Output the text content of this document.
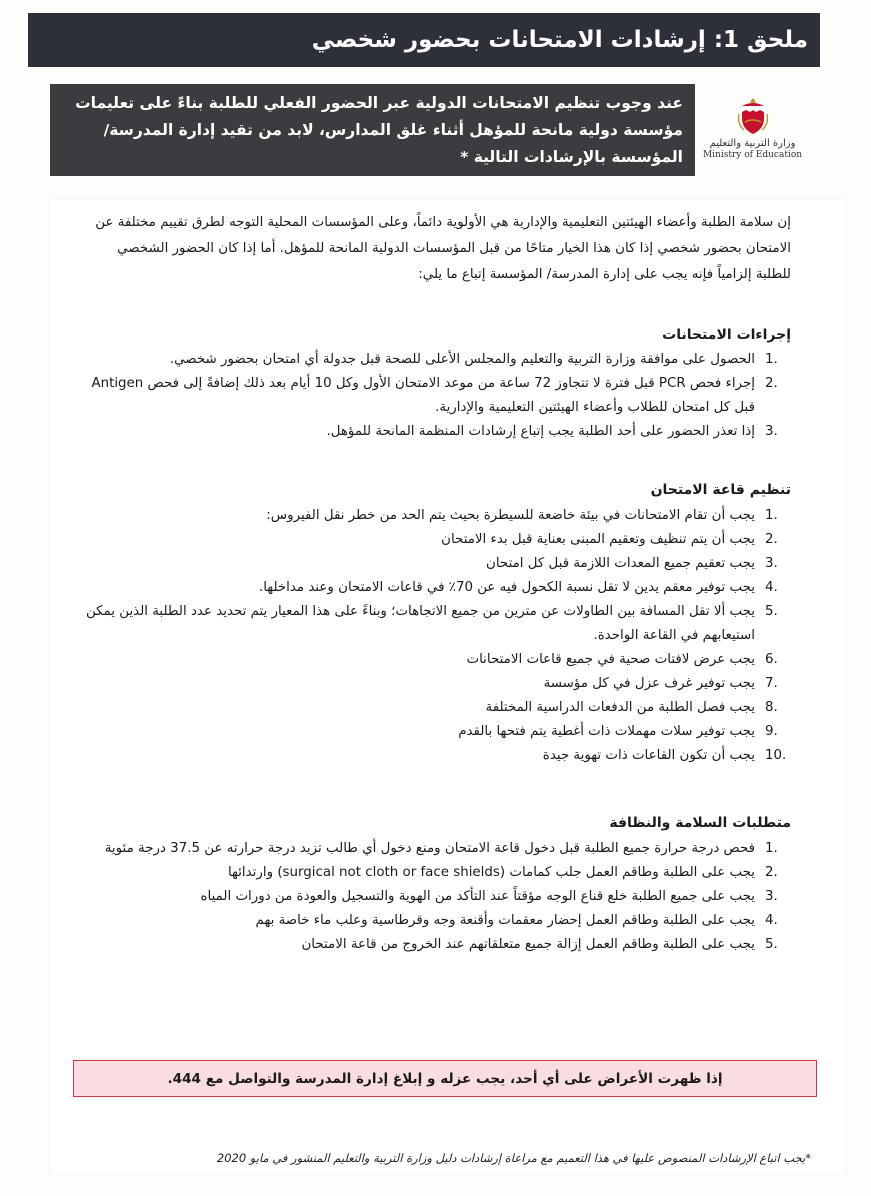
ملحق 1: إرشادات الامتحانات بحضور شخصي
عند وجوب تنظيم الامتحانات الدولية عبر الحضور الفعلي للطلبة بناءً على تعليمات مؤسسة دولية مانحة للمؤهل أثناء غلق المدارس، لابد من تقيد إدارة المدرسة/ المؤسسة بالإرشادات التالية *
وزارة التربية والتعليم
Ministry of Education
إن سلامة الطلبة وأعضاء الهيئتين التعليمية والإدارية هي الأولوية دائماً، وعلى المؤسسات المحلية التوجه لطرق تقييم مختلفة عن الامتحان بحضور شخصي إذا كان هذا الخيار متاحًا من قبل المؤسسات الدولية المانحة للمؤهل. أما إذا كان الحضور الشخصي للطلبة إلزامياً فإنه يجب على إدارة المدرسة/ المؤسسة إتباع ما يلي:
إجراءات الامتحانات
1.
الحصول على موافقة وزارة التربية والتعليم والمجلس الأعلى للصحة قبل جدولة أي امتحان بحضور شخصي.
2.
إجراء فحص PCR قبل فترة لا تتجاوز 72 ساعة من موعد الامتحان الأول وكل 10 أيام بعد ذلك إضافةً إلى فحص Antigen قبل كل امتحان للطلاب وأعضاء الهيئتين التعليمية والإدارية.
3.
إذا تعذر الحضور على أحد الطلبة يجب إتباع إرشادات المنظمة المانحة للمؤهل.
تنظيم قاعة الامتحان
1.
يجب أن تقام الامتحانات في بيئة خاضعة للسيطرة بحيث يتم الحد من خطر نقل الفيروس:
2.
يجب أن يتم تنظيف وتعقيم المبنى بعناية قبل بدء الامتحان
3.
يجب تعقيم جميع المعدات اللازمة قبل كل امتحان
4.
يجب توفير معقم يدين لا تقل نسبة الكحول فيه عن 70٪ في قاعات الامتحان وعند مداخلها.
5.
يجب ألا تقل المسافة بين الطاولات عن مترين من جميع الاتجاهات؛ وبناءً على هذا المعيار يتم تحديد عدد الطلبة الذين يمكن استيعابهم في القاعة الواحدة.
6.
يجب عرض لافتات صحية في جميع قاعات الامتحانات
7.
يجب توفير غرف عزل في كل مؤسسة
8.
يجب فصل الطلبة من الدفعات الدراسية المختلفة
9.
يجب توفير سلات مهملات ذات أغطية يتم فتحها بالقدم
10.
يجب أن تكون القاعات ذات تهوية جيدة
متطلبات السلامة والنظافة
1.
فحص درجة حرارة جميع الطلبة قبل دخول قاعة الامتحان ومنع دخول أي طالب تزيد درجة حرارته عن 37.5 درجة مئوية
2.
يجب على الطلبة وطاقم العمل جلب كمامات (surgical not cloth or face shields) وارتدائها
3.
يجب على جميع الطلبة خلع قناع الوجه مؤقتاً عند التأكد من الهوية والتسجيل والعودة من دورات المياه
4.
يجب على الطلبة وطاقم العمل إحضار معقمات وأقنعة وجه وقرطاسية وعلب ماء خاصة بهم
5.
يجب على الطلبة وطاقم العمل إزالة جميع متعلقاتهم عند الخروج من قاعة الامتحان
إذا ظهرت الأعراض على أي أحد، يجب عزله و إبلاغ إدارة المدرسة والتواصل مع 444.
*يجب اتباع الإرشادات المنصوص عليها في هذا التعميم مع مراعاة إرشادات دليل وزارة التربية والتعليم المنشور في مايو 2020
